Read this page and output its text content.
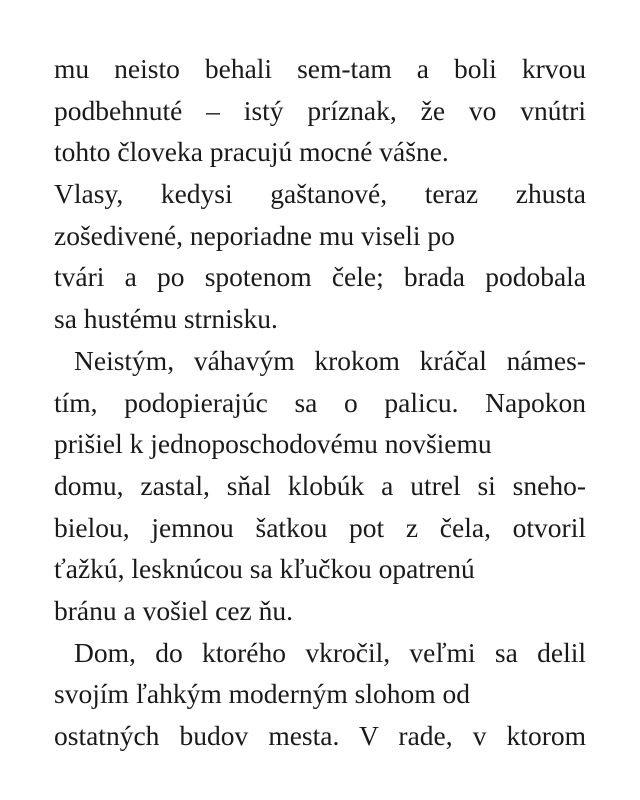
mu neisto behali sem-tam a boli krvou
podbehnuté – istý príznak, že vo vnútri
tohto človeka pracujú mocné vášne.
Vlasy, kedysi gaštanové, teraz zhusta
zošedivené, neporiadne mu viseli po
tvári a po spotenom čele; brada podobala
sa hustému strnisku.
Neistým, váhavým krokom kráčal námes-
tím, podopierajúc sa o palicu. Napokon
prišiel k jednoposchodovému novšiemu
domu, zastal, sňal klobúk a utrel si sneho-
bielou, jemnou šatkou pot z čela, otvoril
ťažkú, lesknúcou sa kľučkou opatrenú
bránu a vošiel cez ňu.
Dom, do ktorého vkročil, veľmi sa delil
svojím ľahkým moderným slohom od
ostatných budov mesta. V rade, v ktorom
